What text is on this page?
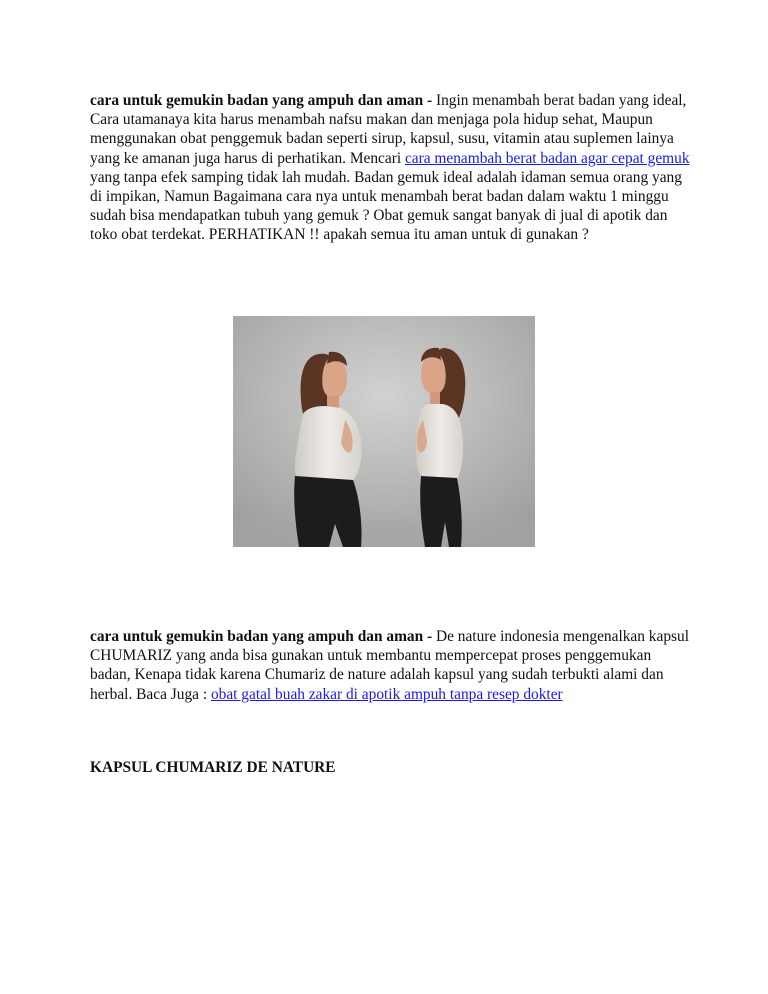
cara untuk gemukin badan yang ampuh dan aman - Ingin menambah berat badan yang ideal, Cara utamanaya kita harus menambah nafsu makan dan menjaga pola hidup sehat, Maupun menggunakan obat penggemuk badan seperti sirup, kapsul, susu, vitamin atau suplemen lainya yang ke amanan juga harus di perhatikan. Mencari cara menambah berat badan agar cepat gemuk yang tanpa efek samping tidak lah mudah. Badan gemuk ideal adalah idaman semua orang yang di impikan, Namun Bagaimana cara nya untuk menambah berat badan dalam waktu 1 minggu sudah bisa mendapatkan tubuh yang gemuk ? Obat gemuk sangat banyak di jual di apotik dan toko obat terdekat. PERHATIKAN !! apakah semua itu aman untuk di gunakan ?

cara untuk gemukin badan yang ampuh dan aman - De nature indonesia mengenalkan kapsul CHUMARIZ yang anda bisa gunakan untuk membantu mempercepat proses penggemukan badan, Kenapa tidak karena Chumariz de nature adalah kapsul yang sudah terbukti alami dan herbal. Baca Juga : obat gatal buah zakar di apotik ampuh tanpa resep dokter

KAPSUL CHUMARIZ DE NATURE
